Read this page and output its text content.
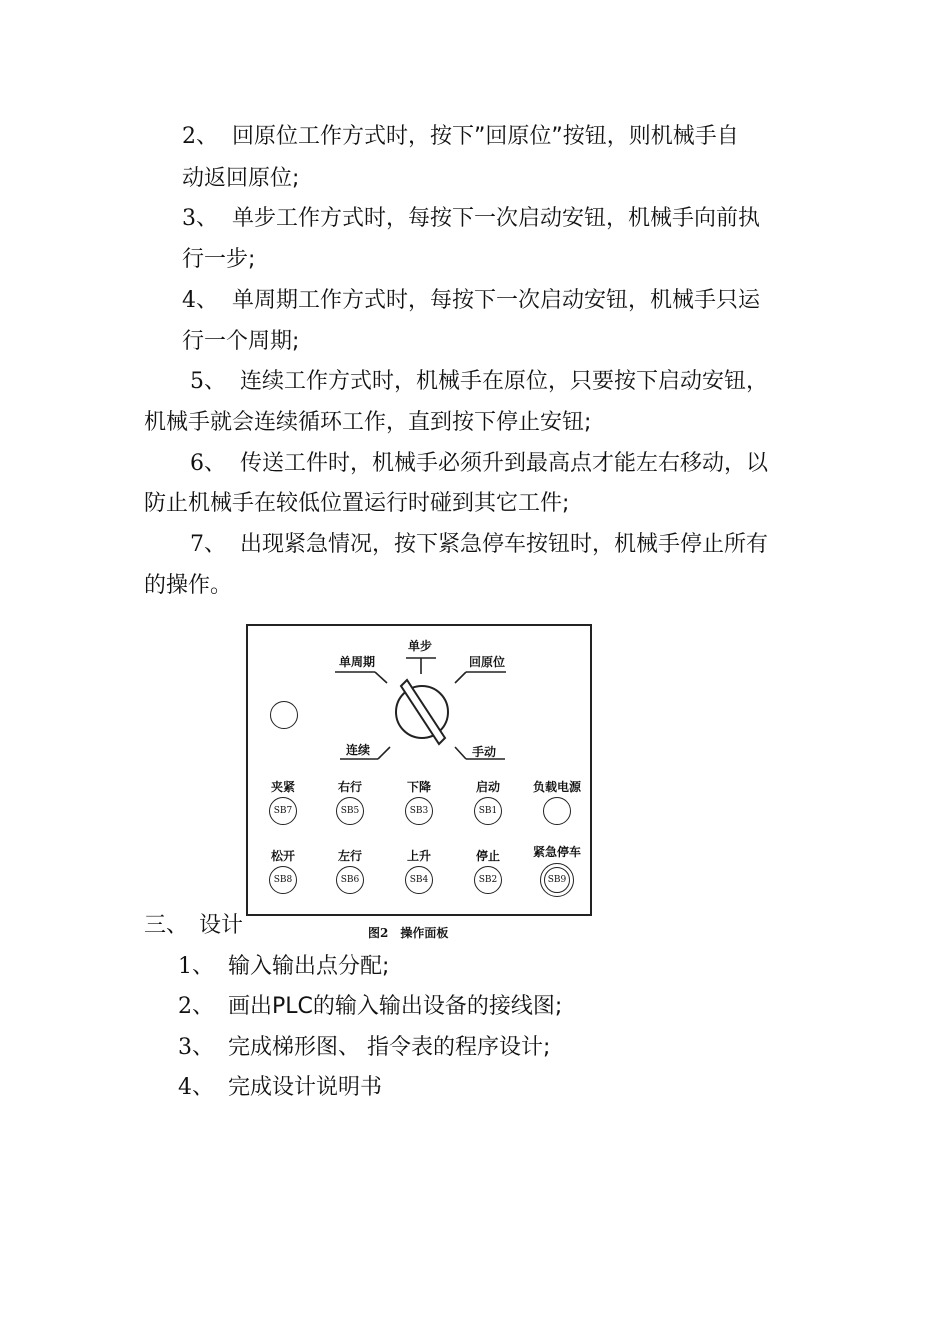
2、 回原位工作方式时，按下”回原位”按钮，则机械手自
动返回原位;
3、 单步工作方式时，每按下一次启动安钮，机械手向前执
行一步;
4、 单周期工作方式时，每按下一次启动安钮，机械手只运
行一个周期;
5、 连续工作方式时，机械手在原位，只要按下启动安钮，
机械手就会连续循环工作，直到按下停止安钮;
6、 传送工件时，机械手必须升到最高点才能左右移动，以
防止机械手在较低位置运行时碰到其它工件;
7、 出现紧急情况，按下紧急停车按钮时，机械手停止所有
的操作。
单步
单周期	回原位
连续	手动
夹紧
SB7
右行
SB5
下降
SB3
启动
SB1
负载电源
松开
SB8
左行
SB6
上升
SB4
停止
SB2
紧急停车
SB9
图2　操作面板
三、　设计
1、 输入输出点分配;
2、 画出PLC的输入输出设备的接线图;
3、 完成梯形图、 指令表的程序设计;
4、 完成设计说明书
